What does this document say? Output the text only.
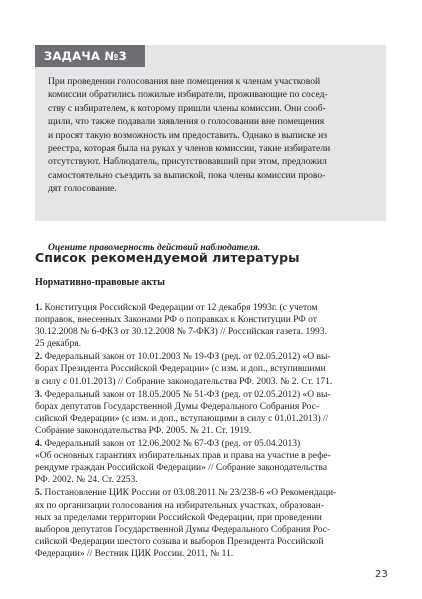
ЗАДАЧА №3

При проведении голосования вне помещения к членам участковой
комиссии обратились пожилые избиратели, проживающие по сосед-
ству с избирателем, к которому пришли члены комиссии. Они сооб-
щили, что также подавали заявления о голосовании вне помещения
и просят такую возможность им предоставить. Однако в выписке из
реестра, которая была на руках у членов комиссии, такие избиратели
отсутствуют. Наблюдатель, присутствовавший при этом, предложил
самостоятельно съездить за выпиской, пока члены комиссии прово-
дят голосование.

Оцените правомерность действий наблюдателя.

Список рекомендуемой литературы
Нормативно-правовые акты
1. Конституция Российской Федерации от 12 декабря 1993г. (с учетом
поправок, внесенных Законами РФ о поправках к Конституции РФ от
30.12.2008 № 6-ФКЗ от 30.12.2008 № 7-ФКЗ) // Российская газета. 1993.
25 декабря.
2. Федеральный закон от 10.01.2003 № 19-ФЗ (ред. от 02.05.2012) «О вы-
борах Президента Российской Федерации» (с изм. и доп., вступившими
в силу с 01.01.2013) // Собрание законодательства РФ. 2003. № 2. Ст. 171.
3. Федеральный закон от 18.05.2005 № 51-ФЗ (ред. от 02.05.2012) «О вы-
борах депутатов Государственной Думы Федерального Собрания Рос-
сийской Федерации» (с изм. и доп., вступающими в силу с 01.01.2013) //
Собрание законодательства РФ. 2005. № 21. Ст. 1919.
4. Федеральный закон от 12.06.2002 № 67-ФЗ (ред. от 05.04.2013)
«Об основных гарантиях избирательных прав и права на участие в рефе-
рендуме граждан Российской Федерации» // Собрание законодательства
РФ. 2002. № 24. Ст. 2253.
5. Постановление ЦИК России от 03.08.2011 № 23/238-6 «О Рекомендаци-
ях по организации голосования на избирательных участках, образован-
ных за пределами территории Российской Федерации, при проведении
выборов депутатов Государственной Думы Федерального Собрания Рос-
сийской Федерации шестого созыва и выборов Президента Российской
Федерации» // Вестник ЦИК России. 2011. № 11.
23
